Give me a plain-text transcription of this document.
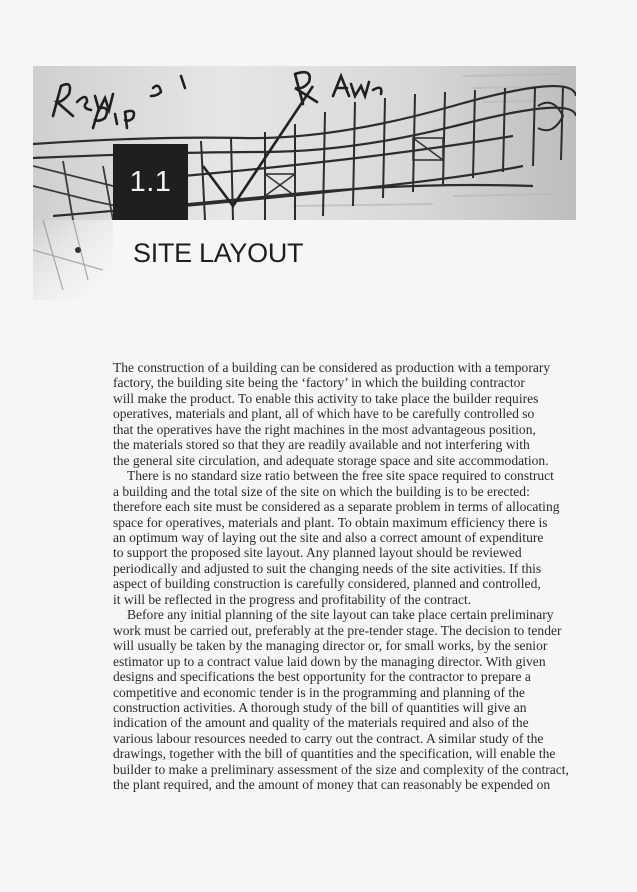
1.1
SITE LAYOUT
The construction of a building can be considered as production with a temporary
factory, the building site being the ‘factory’ in which the building contractor
will make the product. To enable this activity to take place the builder requires
operatives, materials and plant, all of which have to be carefully controlled so
that the operatives have the right machines in the most advantageous position,
the materials stored so that they are readily available and not interfering with
the general site circulation, and adequate storage space and site accommodation.
There is no standard size ratio between the free site space required to construct
a building and the total size of the site on which the building is to be erected:
therefore each site must be considered as a separate problem in terms of allocating
space for operatives, materials and plant. To obtain maximum efficiency there is
an optimum way of laying out the site and also a correct amount of expenditure
to support the proposed site layout. Any planned layout should be reviewed
periodically and adjusted to suit the changing needs of the site activities. If this
aspect of building construction is carefully considered, planned and controlled,
it will be reflected in the progress and profitability of the contract.
Before any initial planning of the site layout can take place certain preliminary
work must be carried out, preferably at the pre-tender stage. The decision to tender
will usually be taken by the managing director or, for small works, by the senior
estimator up to a contract value laid down by the managing director. With given
designs and specifications the best opportunity for the contractor to prepare a
competitive and economic tender is in the programming and planning of the
construction activities. A thorough study of the bill of quantities will give an
indication of the amount and quality of the materials required and also of the
various labour resources needed to carry out the contract. A similar study of the
drawings, together with the bill of quantities and the specification, will enable the
builder to make a preliminary assessment of the size and complexity of the contract,
the plant required, and the amount of money that can reasonably be expended on
